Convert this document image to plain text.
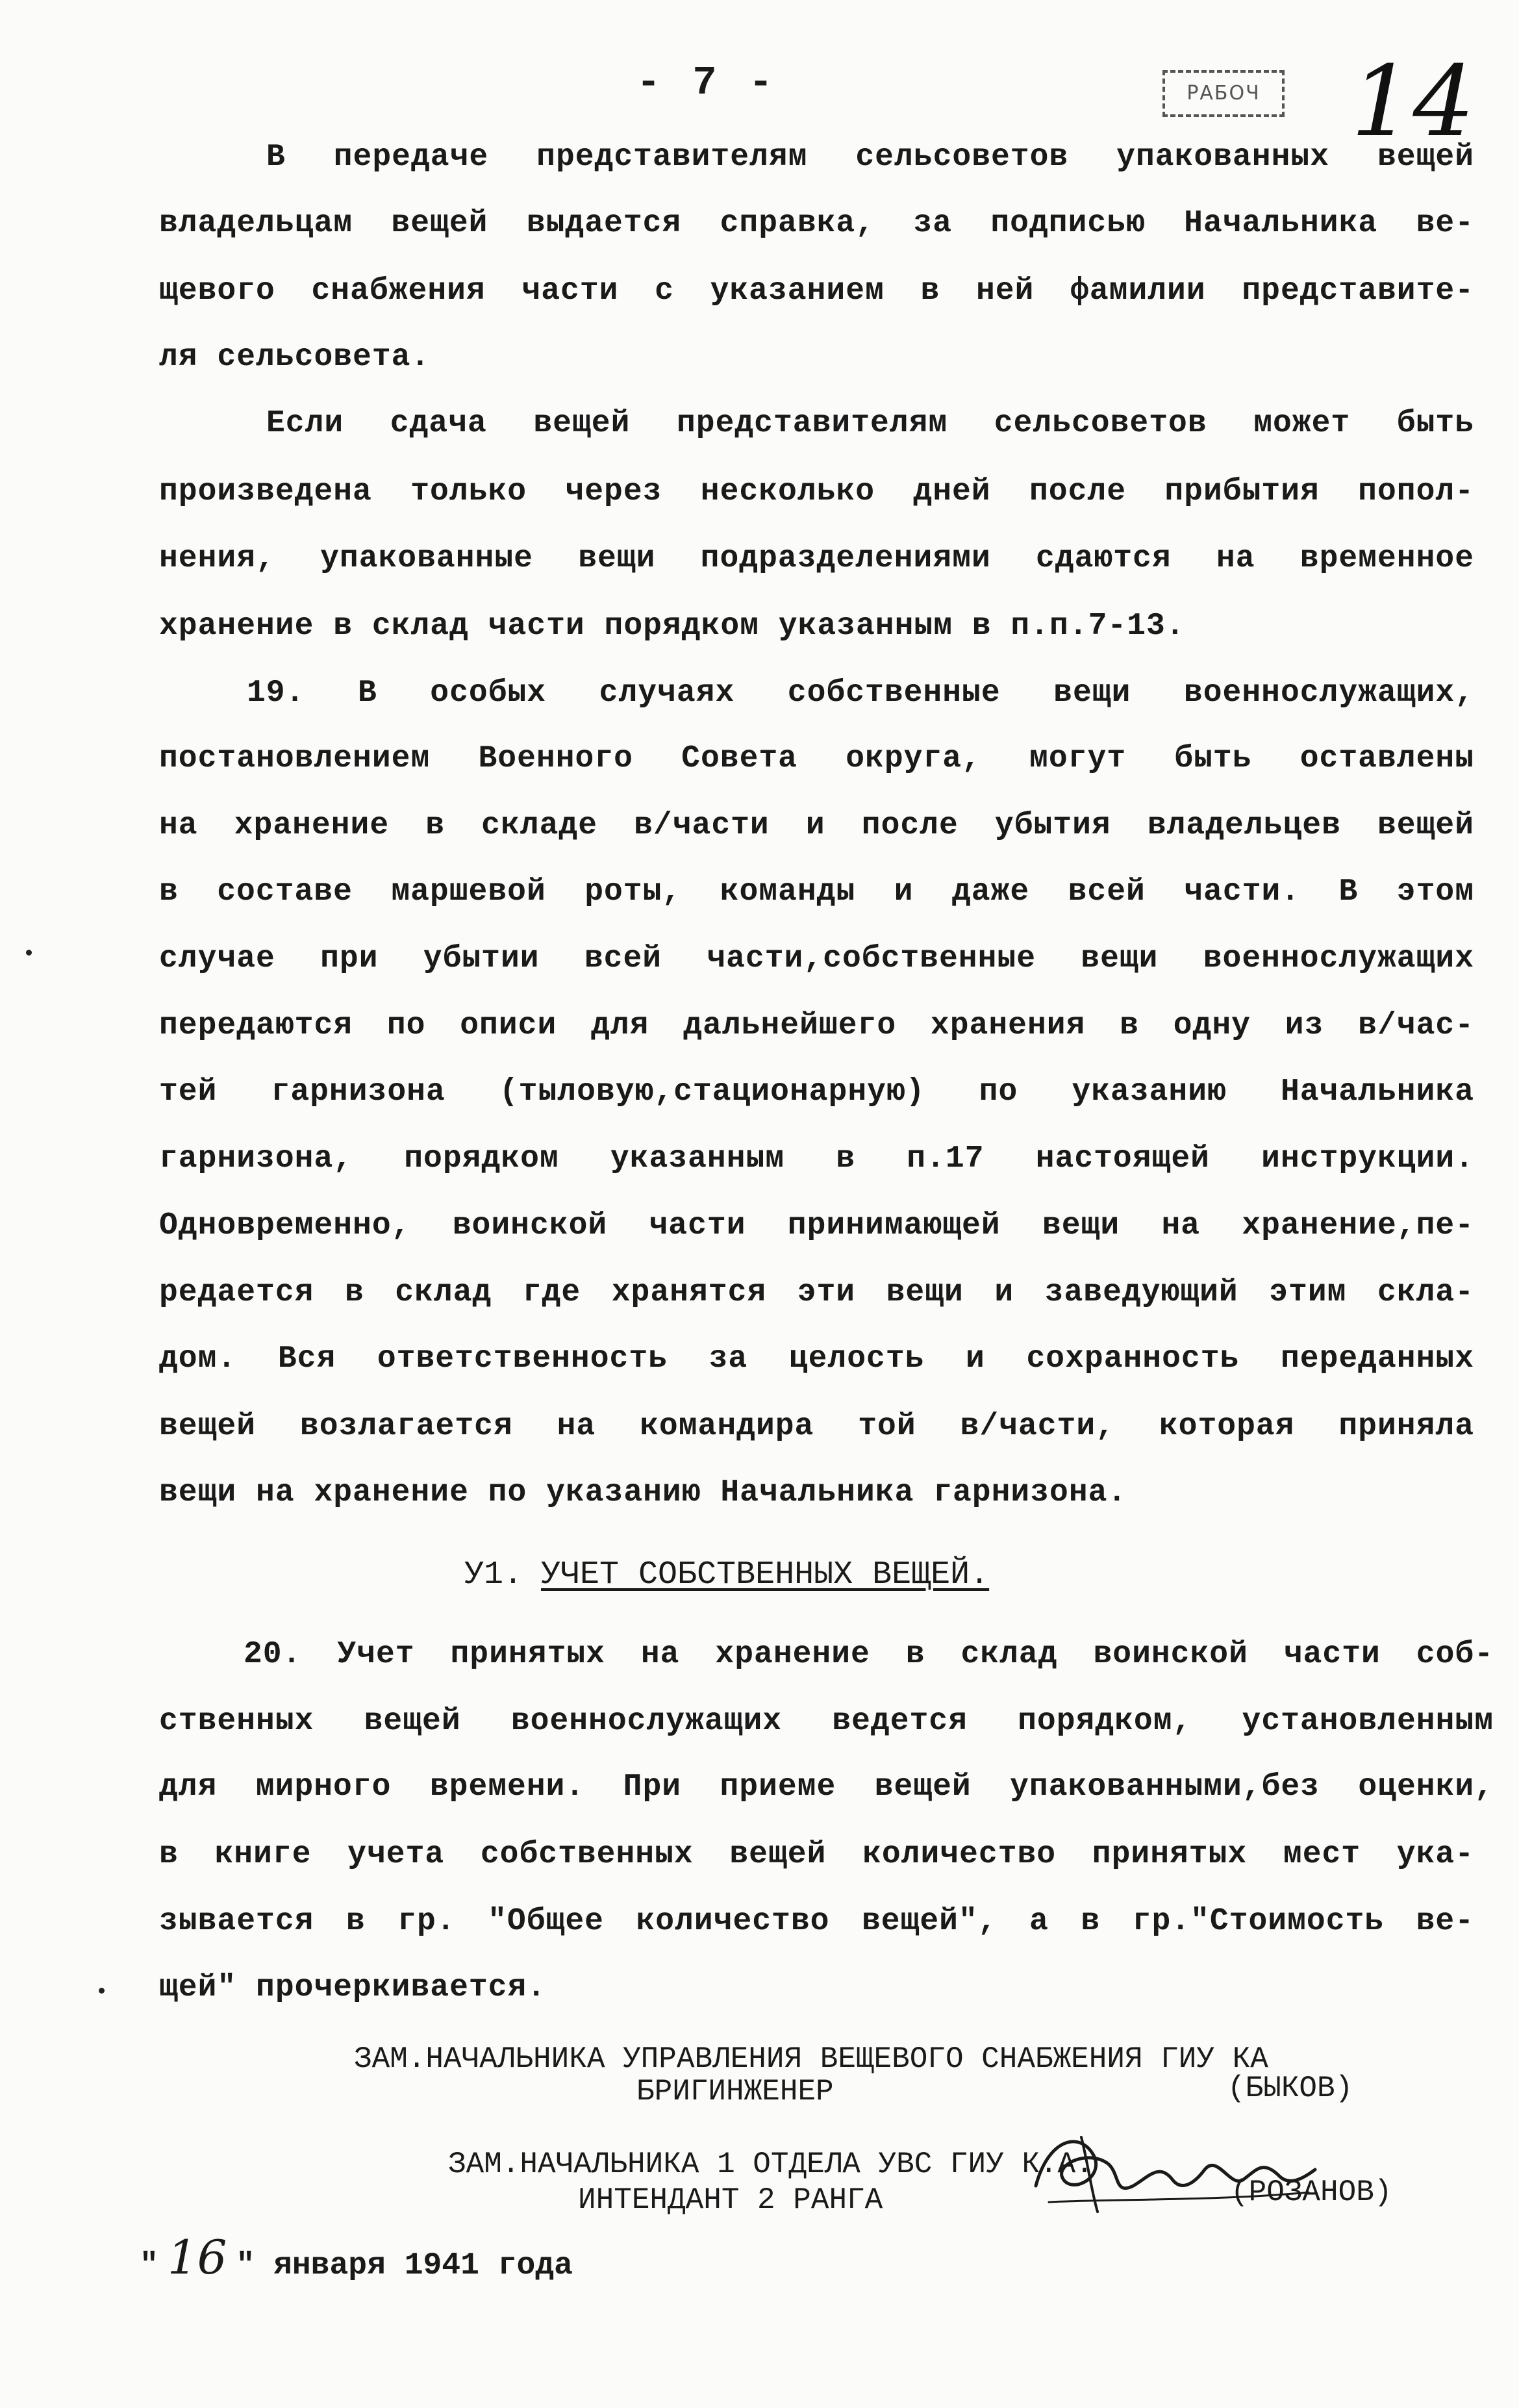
- 7 -	РАБОЧ 14
В передаче представителям сельсоветов упакованных вещей
владельцам вещей выдается справка, за подписью Начальника ве-
щевого снабжения части с указанием в ней фамилии представите-
ля сельсовета.
Если сдача вещей представителям сельсоветов может быть
произведена только через несколько дней после прибытия попол-
нения, упакованные вещи подразделениями сдаются на временное
хранение в склад части порядком указанным в п.п.7-13.
19. В особых случаях собственные вещи военнослужащих,
постановлением Военного Совета округа, могут быть оставлены
на хранение в складе в/части и после убытия владельцев вещей
в составе маршевой роты, команды и даже всей части. В этом
случае при убытии всей части,собственные вещи военнослужащих
передаются по описи для дальнейшего хранения в одну из в/час-
тей гарнизона (тыловую,стационарную) по указанию Начальника
гарнизона, порядком указанным в п.17 настоящей инструкции.
Одновременно, воинской части принимающей вещи на хранение,пе-
редается в склад где хранятся эти вещи и заведующий этим скла-
дом. Вся ответственность за целость и сохранность переданных
вещей возлагается на командира той в/части, которая приняла
вещи на хранение по указанию Начальника гарнизона.
У1. УЧЕТ СОБСТВЕННЫХ ВЕЩЕЙ.
20. Учет принятых на хранение в склад воинской части соб-
ственных вещей военнослужащих ведется порядком, установленным
для мирного времени. При приеме вещей упакованными,без оценки,
в книге учета собственных вещей количество принятых мест ука-
зывается в гр. "Общее количество вещей", а в гр."Стоимость ве-
щей" прочеркивается.
ЗАМ.НАЧАЛЬНИКА УПРАВЛЕНИЯ ВЕЩЕВОГО СНАБЖЕНИЯ ГИУ КА
БРИГИНЖЕНЕР	(БЫКОВ)
ЗАМ.НАЧАЛЬНИКА 1 ОТДЕЛА УВС ГИУ К.А.
ИНТЕНДАНТ 2 РАНГА	(РОЗАНОВ)
" 16 " января 1941 года
